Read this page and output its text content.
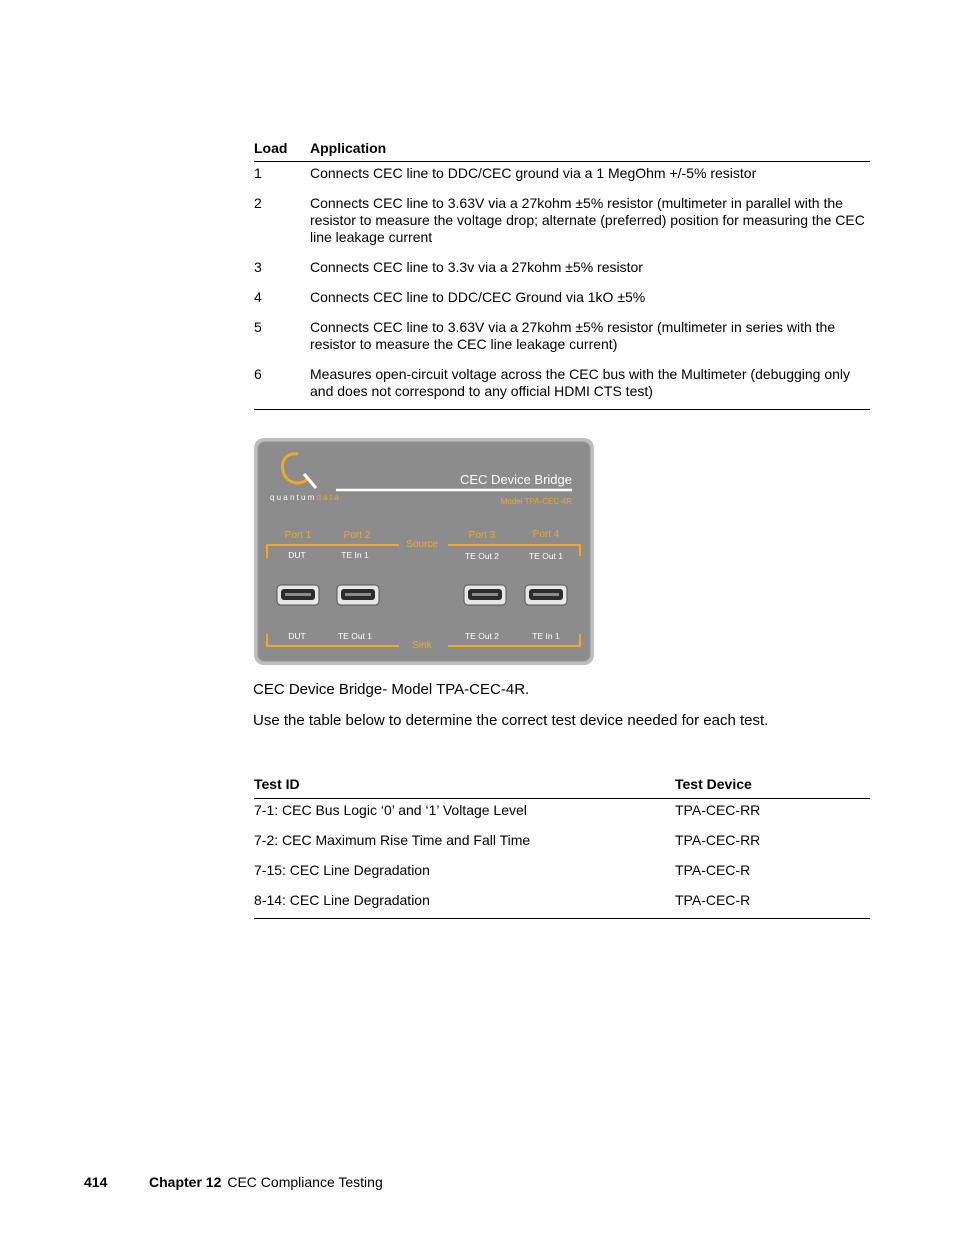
Load	Application
1	Connects CEC line to DDC/CEC ground via a 1 MegOhm +/-5% resistor
2	Connects CEC line to 3.63V via a 27kohm ±5% resistor (multimeter in parallel with the resistor to measure the voltage drop; alternate (preferred) position for measuring the CEC line leakage current
3	Connects CEC line to 3.3v via a 27kohm ±5% resistor
4	Connects CEC line to DDC/CEC Ground via 1kO ±5%
5	Connects CEC line to 3.63V via a 27kohm ±5% resistor (multimeter in series with the resistor to measure the CEC line leakage current)
6	Measures open-circuit voltage across the CEC bus with the Multimeter (debugging only and does not correspond to any official HDMI CTS test)
quantumdata
CEC Device Bridge
Model TPA-CEC-4R
Port 1	Port 2	Port 3	Port 4
Source
DUT	TE In 1	TE Out 2	TE Out 1
DUT	TE Out 1	TE Out 2	TE In 1
Sink
CEC Device Bridge- Model TPA-CEC-4R.
Use the table below to determine the correct test device needed for each test.
Test ID	Test Device
7-1: CEC Bus Logic ‘0’ and ‘1’ Voltage Level	TPA-CEC-RR
7-2: CEC Maximum Rise Time and Fall Time	TPA-CEC-RR
7-15: CEC Line Degradation	TPA-CEC-R
8-14: CEC Line Degradation	TPA-CEC-R
414	Chapter 12 CEC Compliance Testing
